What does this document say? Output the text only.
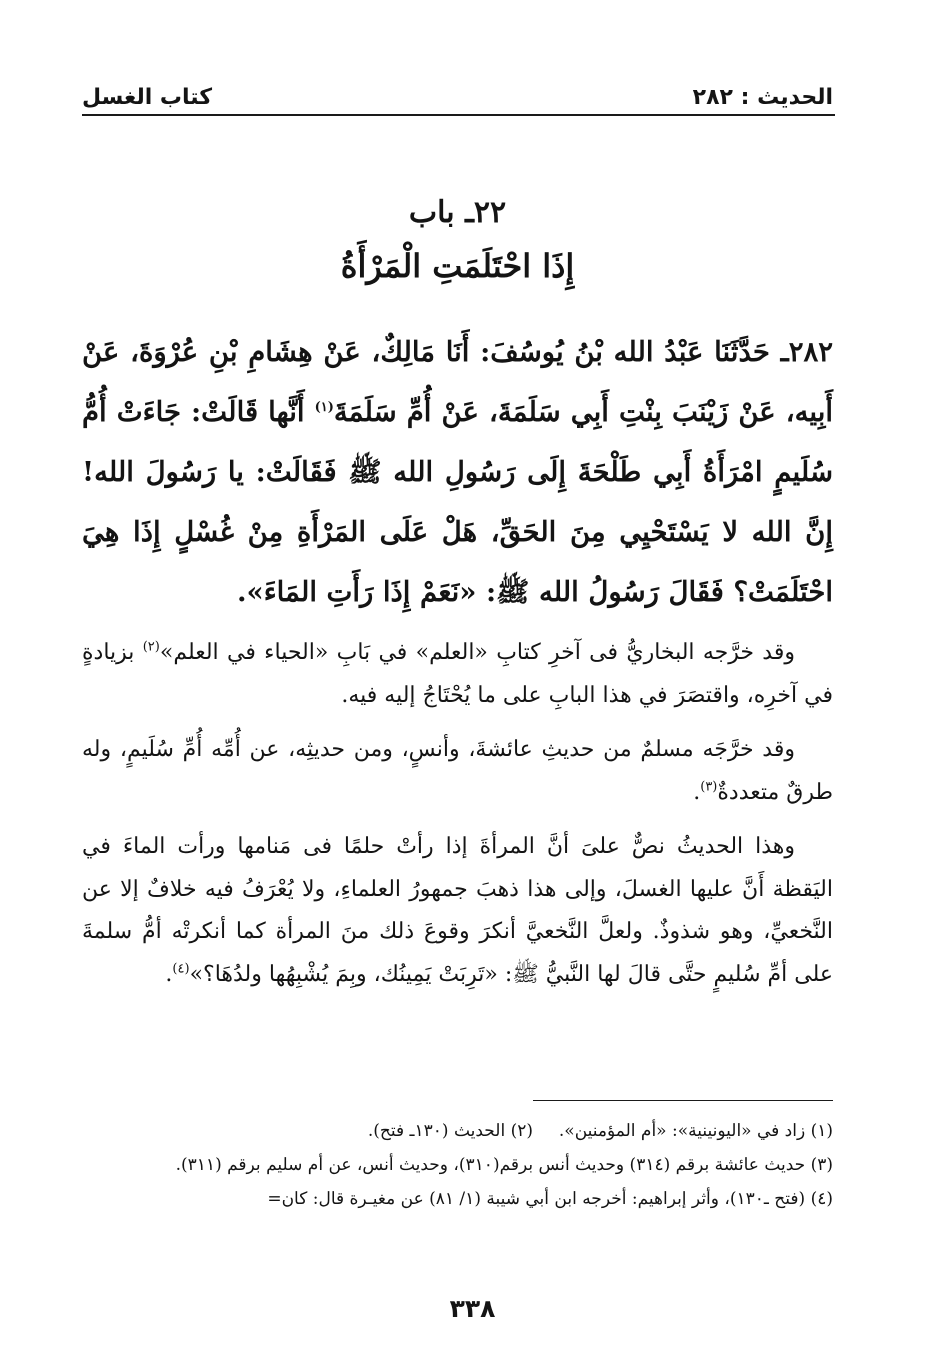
الحديث : ٢٨٢
كتاب الغسل
٢٢ـ باب
إِذَا احْتَلَمَتِ الْمَرْأَةُ

٢٨٢ـ حَدَّثَنَا عَبْدُ الله بْنُ يُوسُفَ: أَنَا مَالِكٌ، عَنْ هِشَامِ بْنِ عُرْوَةَ، عَنْ أَبِيه، عَنْ زَيْنَبَ بِنْتِ أَبِي سَلَمَةَ، عَنْ أُمِّ سَلَمَةَ$^{(١)}$ أَنَّها قَالَتْ: جَاءَتْ أُمُّ سُلَيمٍ امْرَأَةُ أَبِي طَلْحَةَ إِلَى رَسُولِ الله ﷺ فَقَالَتْ: يا رَسُولَ الله! إِنَّ الله لا يَسْتَحْيِي مِنَ الحَقِّ، هَلْ عَلَى المَرْأَةِ مِنْ غُسْلٍ إِذَا هِيَ احْتَلَمَتْ؟ فَقَالَ رَسُولُ الله ﷺ: «نَعَمْ إِذَا رَأَتِ المَاءَ».

وقد خرَّجه البخاريُّ فى آخرِ كتابِ «العلم» في بَابِ «الحياء في العلم»$^{(٢)}$ بزيادةٍ في آخرِه، واقتصَرَ في هذا البابِ على ما يُحْتَاجُ إليه فيه.

وقد خرَّجَه مسلمٌ من حديثِ عائشةَ، وأنسٍ، ومن حديثِه، عن أُمِّه أُمِّ سُلَيمٍ، وله طرقٌ متعددةٌ$^{(٣)}$.

وهذا الحديثُ نصٌّ علىَ أنَّ المرأةَ إذا رأتْ حلمًا فى مَنامها ورأت الماءَ في اليَقظة أَنَّ عليها الغسلَ، وإلى هذا ذهبَ جمهورُ العلماءِ، ولا يُعْرَفُ فيه خلافٌ إلا عن النَّخعيِّ، وهو شذوذٌ. ولعلَّ النَّخعيَّ أنكرَ وقوعَ ذلك منَ المرأة كما أنكرتْه أمُّ سلمةَ على أمِّ سُليمٍ حتَّى قالَ لها النَّبيُّ ﷺ: «تَرِبَتْ يَمِينُك، وبِمَ يُشْبِهُها ولدُهَا؟»$^{(٤)}$.

(١) زاد في «اليونينية»: «أم المؤمنين».
(٢) الحديث (١٣٠ـ فتح).
(٣) حديث عائشة برقم (٣١٤) وحديث أنس برقم(٣١٠)، وحديث أنس، عن أم سليم برقم (٣١١).
(٤) (فتح ـ١٣٠)، وأثر إبراهيم: أخرجه ابن أبي شيبة (١/ ٨١) عن مغيـرة قال: كان=
٣٣٨
